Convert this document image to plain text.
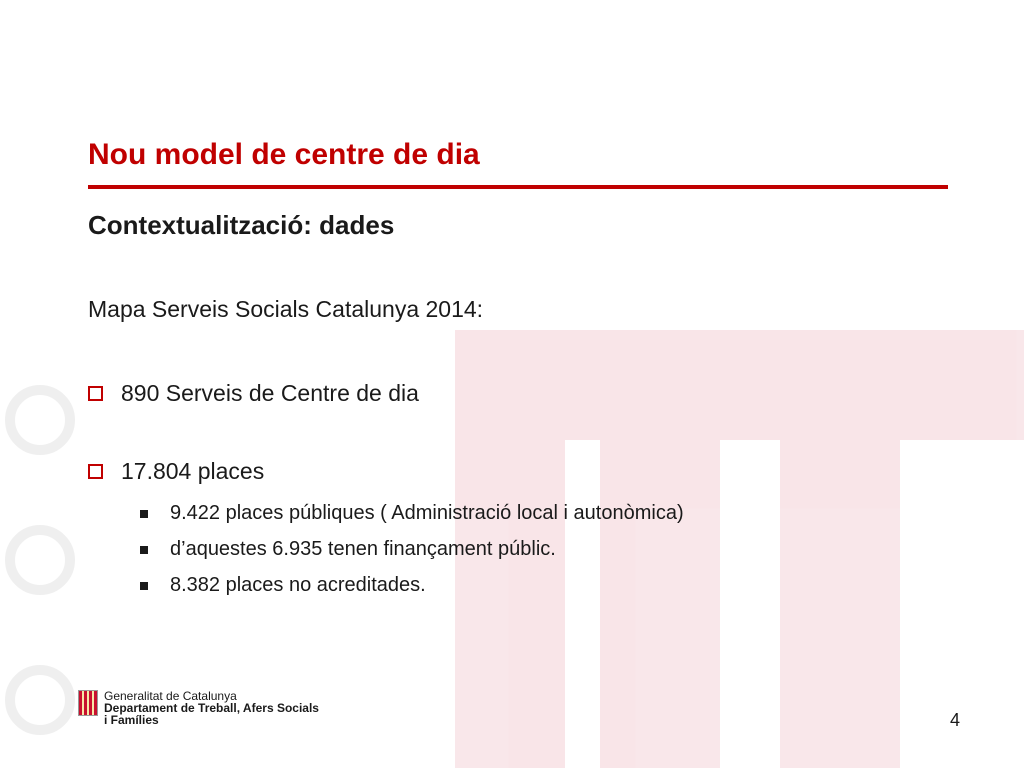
Nou model de centre de dia
Contextualització: dades

Mapa Serveis Socials Catalunya 2014:

890 Serveis de Centre de dia
17.804 places
9.422 places públiques ( Administració local i autonòmica)
d’aquestes 6.935 tenen finançament públic.
8.382 places no acreditades.
Generalitat de Catalunya
Departament de Treball, Afers Socials
i Famílies	4
